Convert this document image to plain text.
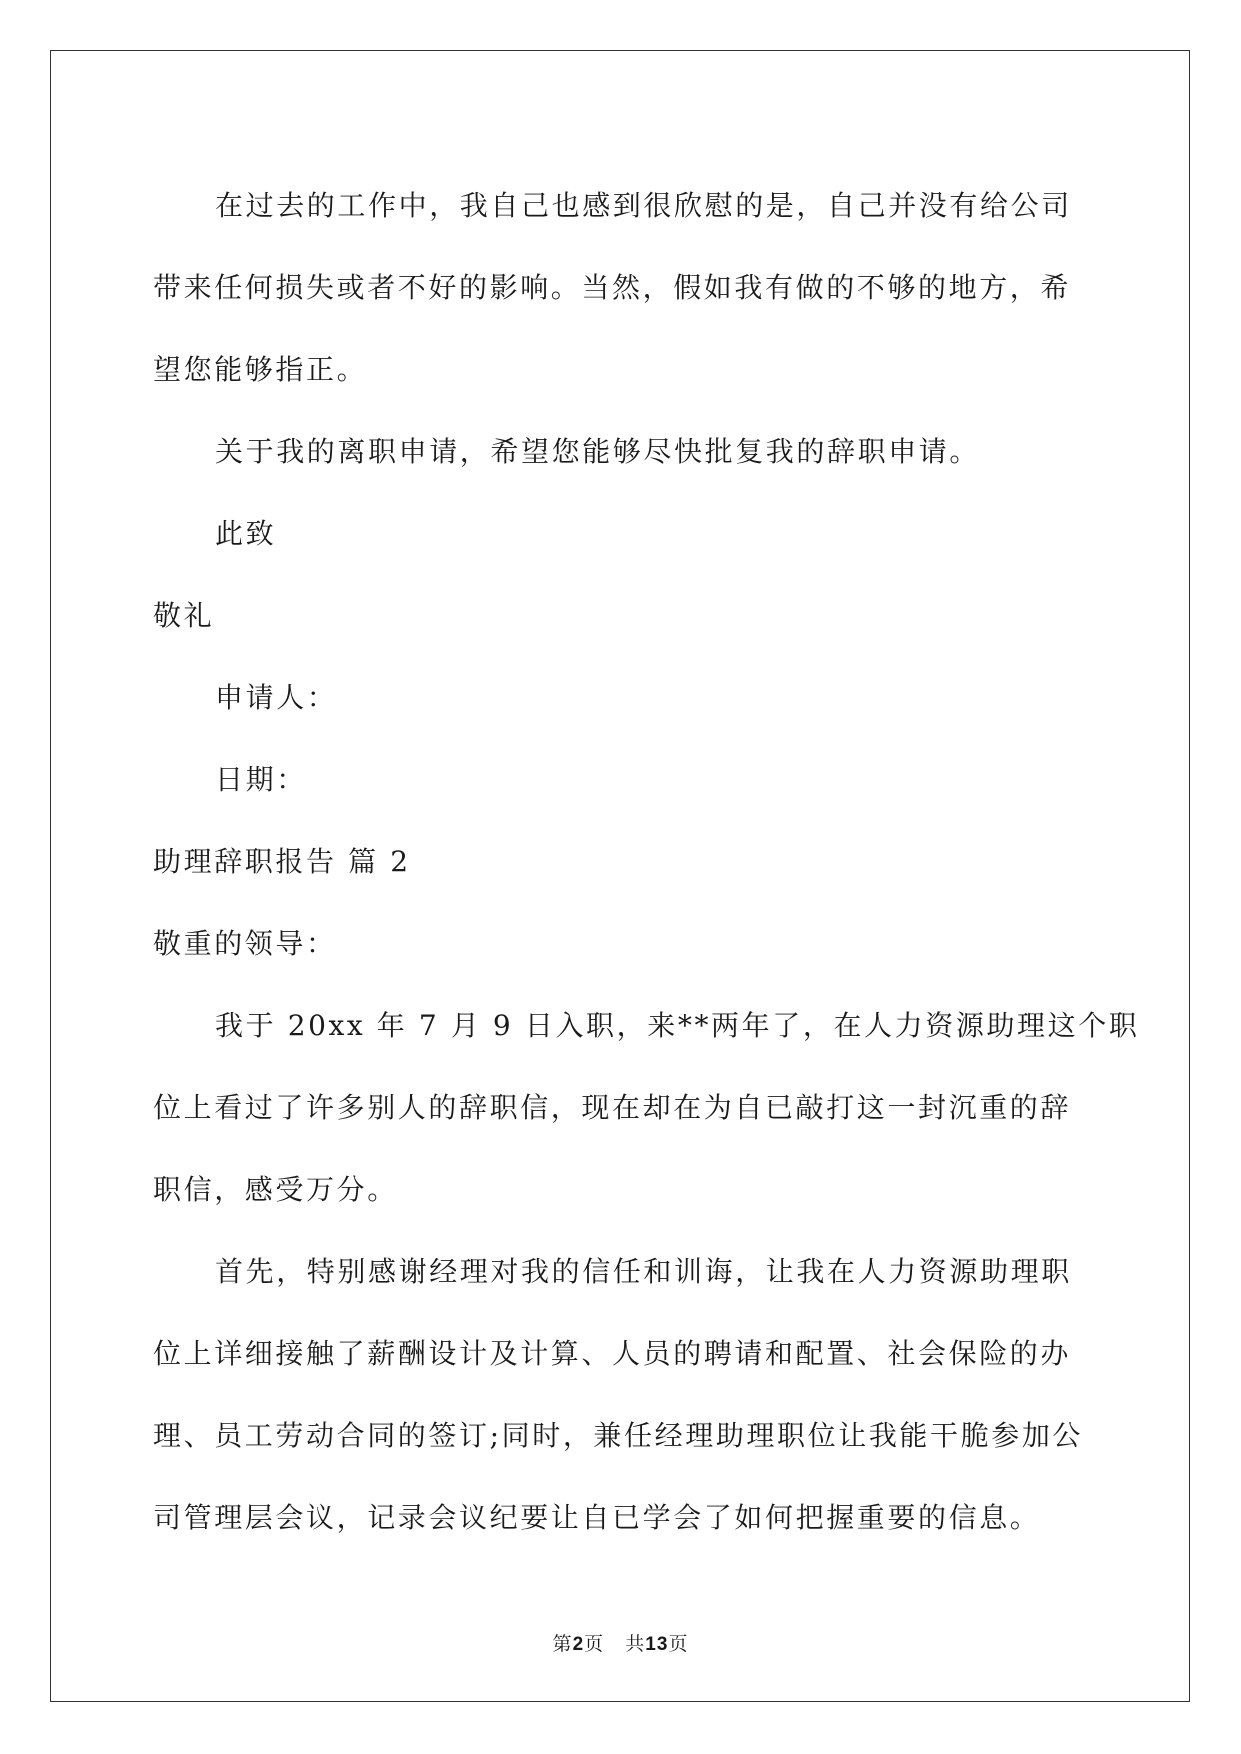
在过去的工作中，我自己也感到很欣慰的是，自己并没有给公司
带来任何损失或者不好的影响。当然，假如我有做的不够的地方，希
望您能够指正。
关于我的离职申请，希望您能够尽快批复我的辞职申请。
此致
敬礼
申请人：
日期：
助理辞职报告 篇 2
敬重的领导：
我于 20xx 年 7 月 9 日入职，来**两年了，在人力资源助理这个职
位上看过了许多别人的辞职信，现在却在为自已敲打这一封沉重的辞
职信，感受万分。
首先，特别感谢经理对我的信任和训诲，让我在人力资源助理职
位上详细接触了薪酬设计及计算、人员的聘请和配置、社会保险的办
理、员工劳动合同的签订;同时，兼任经理助理职位让我能干脆参加公
司管理层会议，记录会议纪要让自已学会了如何把握重要的信息。

第2页 共13页
